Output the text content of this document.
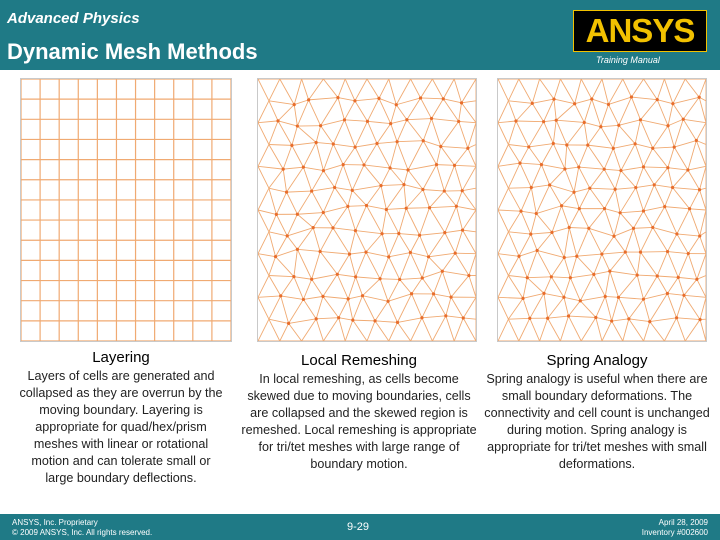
Advanced Physics
Dynamic Mesh Methods
ANSYS
Training Manual
Layering
Layers of cells are generated and collapsed as they are overrun by the moving boundary. Layering is appropriate for quad/hex/prism meshes with linear or rotational motion and can tolerate small or large boundary deflections.
Local Remeshing
In local remeshing, as cells become skewed due to moving boundaries, cells are collapsed and the skewed region is remeshed. Local remeshing is appropriate for tri/tet meshes with large range of boundary motion.
Spring Analogy
Spring analogy is useful when there are small boundary deformations. The connectivity and cell count is unchanged during motion. Spring analogy is appropriate for tri/tet meshes with small deformations.
ANSYS, Inc. Proprietary
© 2009 ANSYS, Inc. All rights reserved.	9-29	April 28, 2009
Inventory #002600
